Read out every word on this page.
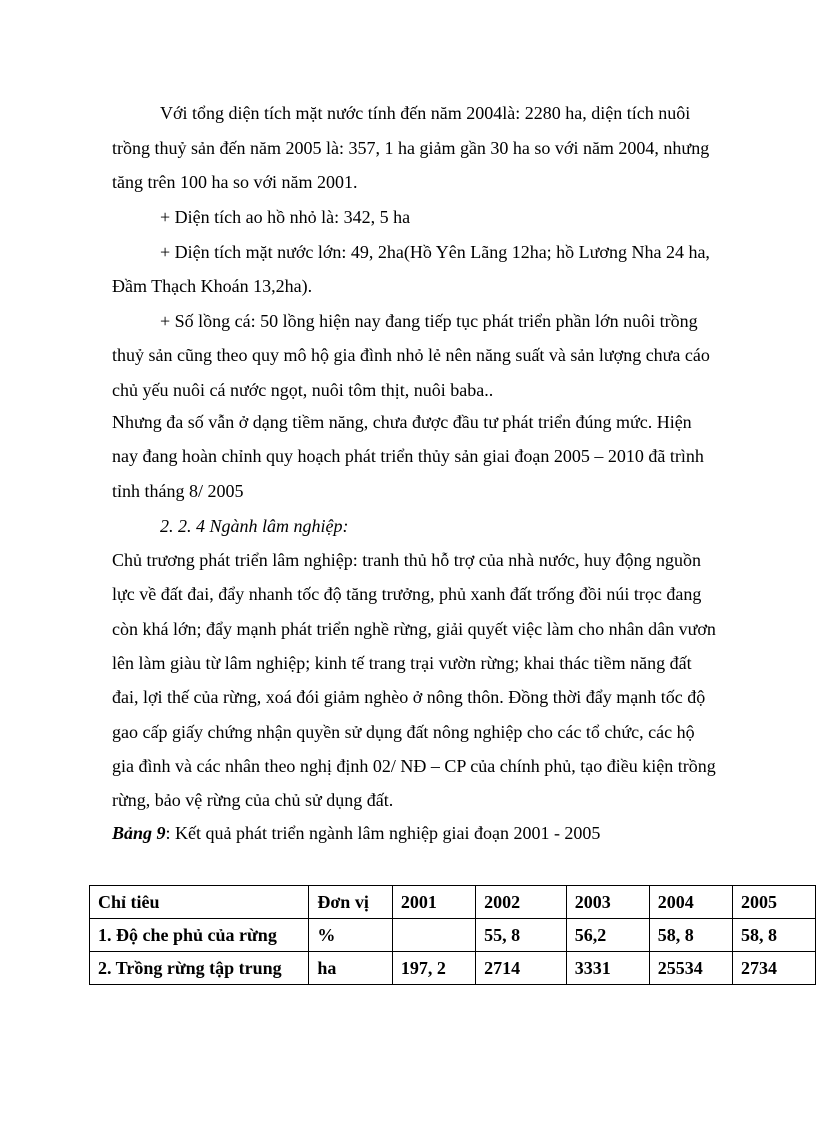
Với tổng diện tích mặt nước tính đến năm 2004là: 2280 ha, diện tích nuôi
trồng thuỷ sản đến năm 2005 là: 357, 1 ha giảm gần 30 ha so với năm 2004, nhưng
tăng trên 100 ha so với năm 2001.
+ Diện tích ao hồ nhỏ là: 342, 5 ha
+ Diện tích mặt nước lớn: 49, 2ha(Hồ Yên Lãng 12ha; hồ Lương Nha 24 ha,
Đầm Thạch Khoán 13,2ha).
+ Số lồng cá: 50 lồng hiện nay đang tiếp tục phát triển phần lớn nuôi trồng
thuỷ sản cũng theo quy mô hộ gia đình nhỏ lẻ nên năng suất và sản lượng chưa cáo
chủ yếu nuôi cá nước ngọt, nuôi tôm thịt, nuôi baba..
Nhưng đa số vẫn ở dạng tiềm năng, chưa được đầu tư phát triển đúng mức. Hiện
nay đang hoàn chỉnh quy hoạch phát triển thủy sản giai đoạn 2005 – 2010 đã trình
tỉnh tháng 8/ 2005
2. 2. 4 Ngành lâm nghiệp:
Chủ trương phát triển lâm nghiệp: tranh thủ hỗ trợ của nhà nước, huy động nguồn
lực về đất đai, đẩy nhanh tốc độ tăng trưởng, phủ xanh đất trống đồi núi trọc đang
còn khá lớn; đẩy mạnh phát triển nghề rừng, giải quyết việc làm cho nhân dân vươn
lên làm giàu từ lâm nghiệp; kinh tế trang trại vườn rừng; khai thác tiềm năng đất
đai, lợi thế của rừng, xoá đói giảm nghèo ở nông thôn. Đồng thời đẩy mạnh tốc độ
gao cấp giấy chứng nhận quyền sử dụng đất nông nghiệp cho các tổ chức, các hộ
gia đình và các nhân theo nghị định 02/ NĐ – CP của chính phủ, tạo điều kiện trồng
rừng, bảo vệ rừng của chủ sử dụng đất.
Bảng 9: Kết quả phát triển ngành lâm nghiệp giai đoạn 2001 - 2005
Chỉ tiêu	Đơn vị	2001	2002	2003	2004	2005
1. Độ che phủ của rừng	%		55, 8	56,2	58, 8	58, 8
2. Trồng rừng tập trung	ha	197, 2	2714	3331	25534	2734
